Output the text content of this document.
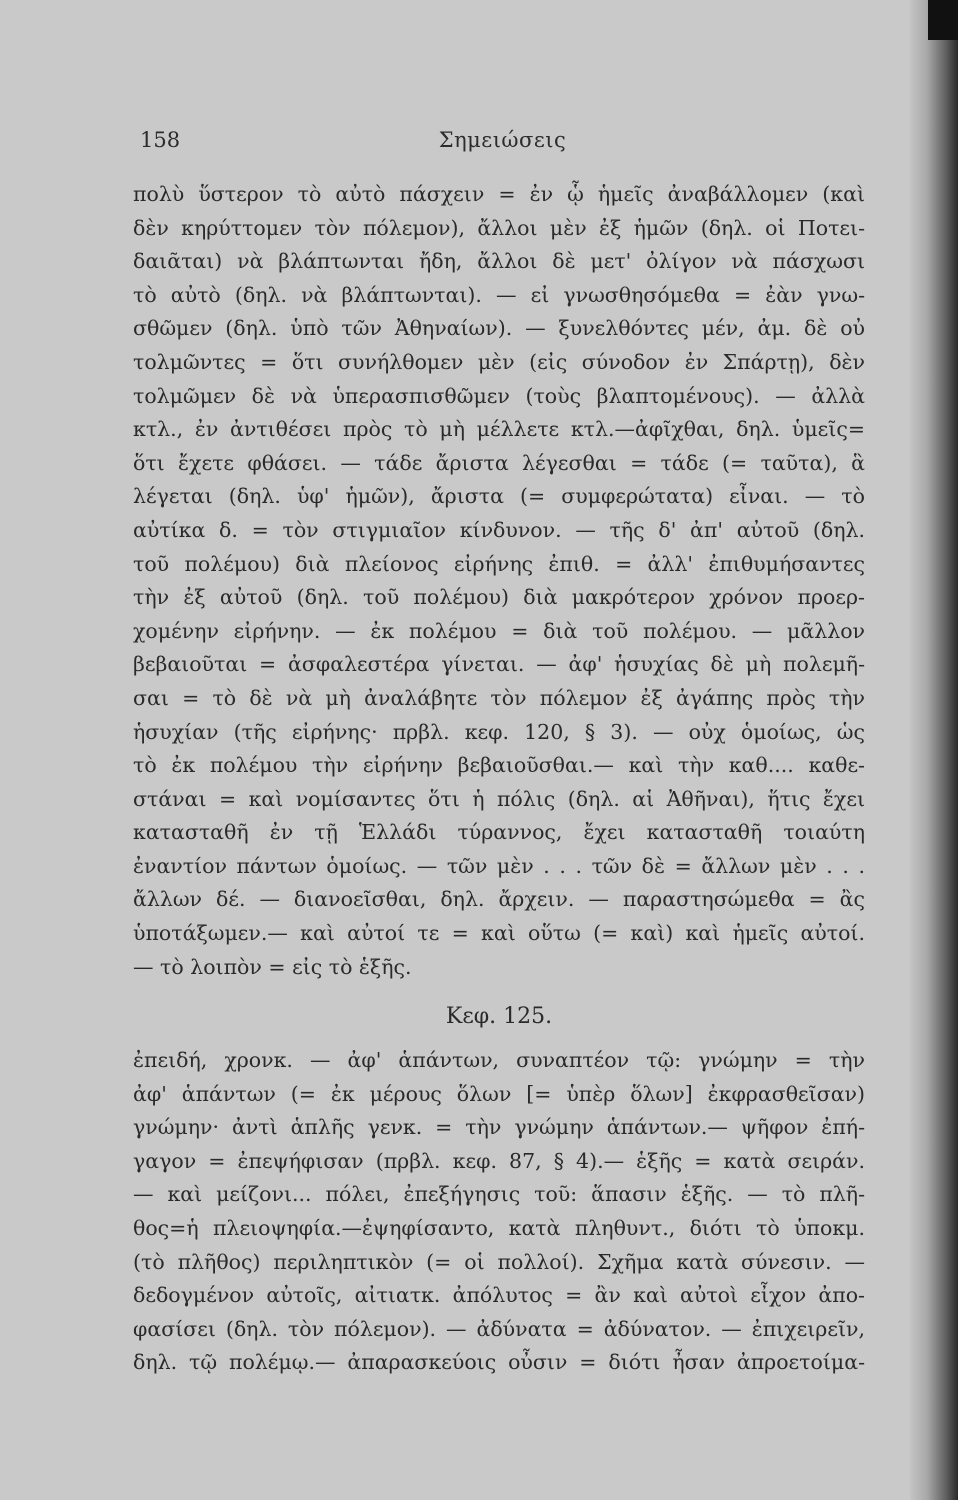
158	Σημειώσεις
πολὺ ὕστερον τὸ αὐτὸ πάσχειν = ἐν ᾧ ἡμεῖς ἀναβάλλομεν (καὶ
δὲν κηρύττομεν τὸν πόλεμον), ἄλλοι μὲν ἐξ ἡμῶν (δηλ. οἱ Ποτει-
δαιᾶται) νὰ βλάπτωνται ἤδη, ἄλλοι δὲ μετ' ὀλίγον νὰ πάσχωσι
τὸ αὐτὸ (δηλ. νὰ βλάπτωνται). — εἰ γνωσθησόμεθα = ἐὰν γνω-
σθῶμεν (δηλ. ὑπὸ τῶν Ἀθηναίων). — ξυνελθόντες μέν, ἀμ. δὲ οὐ
τολμῶντες = ὅτι συνήλθομεν μὲν (εἰς σύνοδον ἐν Σπάρτῃ), δὲν
τολμῶμεν δὲ νὰ ὑπερασπισθῶμεν (τοὺς βλαπτομένους). — ἀλλὰ
κτλ., ἐν ἀντιθέσει πρὸς τὸ μὴ μέλλετε κτλ.—ἀφῖχθαι, δηλ. ὑμεῖς=
ὅτι ἔχετε φθάσει. — τάδε ἄριστα λέγεσθαι = τάδε (= ταῦτα), ἃ
λέγεται (δηλ. ὑφ' ἡμῶν), ἄριστα (= συμφερώτατα) εἶναι. — τὸ
αὐτίκα δ. = τὸν στιγμιαῖον κίνδυνον. — τῆς δ' ἀπ' αὐτοῦ (δηλ.
τοῦ πολέμου) διὰ πλείονος εἰρήνης ἐπιθ. = ἀλλ' ἐπιθυμήσαντες
τὴν ἐξ αὐτοῦ (δηλ. τοῦ πολέμου) διὰ μακρότερον χρόνον προερ-
χομένην εἰρήνην. — ἐκ πολέμου = διὰ τοῦ πολέμου. — μᾶλλον
βεβαιοῦται = ἀσφαλεστέρα γίνεται. — ἀφ' ἡσυχίας δὲ μὴ πολεμῆ-
σαι = τὸ δὲ νὰ μὴ ἀναλάβητε τὸν πόλεμον ἐξ ἀγάπης πρὸς τὴν
ἡσυχίαν (τῆς εἰρήνης· πρβλ. κεφ. 120, § 3). — οὐχ ὁμοίως, ὡς
τὸ ἐκ πολέμου τὴν εἰρήνην βεβαιοῦσθαι.— καὶ τὴν καθ.... καθε-
στάναι = καὶ νομίσαντες ὅτι ἡ πόλις (δηλ. αἱ Ἀθῆναι), ἥτις ἔχει
κατασταθῆ ἐν τῇ Ἑλλάδι τύραννος, ἔχει κατασταθῆ τοιαύτη
ἐναντίον πάντων ὁμοίως. — τῶν μὲν . . . τῶν δὲ = ἄλλων μὲν . . .
ἄλλων δέ. — διανοεῖσθαι, δηλ. ἄρχειν. — παραστησώμεθα = ἂς
ὑποτάξωμεν.— καὶ αὐτοί τε = καὶ οὕτω (= καὶ) καὶ ἡμεῖς αὐτοί.
— τὸ λοιπὸν = εἰς τὸ ἑξῆς.
Κεφ. 125.
ἐπειδή, χρονκ. — ἀφ' ἁπάντων, συναπτέον τῷ: γνώμην = τὴν
ἀφ' ἁπάντων (= ἐκ μέρους ὅλων [= ὑπὲρ ὅλων] ἐκφρασθεῖσαν)
γνώμην· ἀντὶ ἁπλῆς γενκ. = τὴν γνώμην ἁπάντων.— ψῆφον ἐπή-
γαγον = ἐπεψήφισαν (πρβλ. κεφ. 87, § 4).— ἑξῆς = κατὰ σειράν.
— καὶ μείζονι... πόλει, ἐπεξήγησις τοῦ: ἅπασιν ἑξῆς. — τὸ πλῆ-
θος=ἡ πλειοψηφία.—ἐψηφίσαντο, κατὰ πληθυντ., διότι τὸ ὑποκμ.
(τὸ πλῆθος) περιληπτικὸν (= οἱ πολλοί). Σχῆμα κατὰ σύνεσιν. —
δεδογμένον αὐτοῖς, αἰτιατκ. ἀπόλυτος = ἂν καὶ αὐτοὶ εἶχον ἀπο-
φασίσει (δηλ. τὸν πόλεμον). — ἀδύνατα = ἀδύνατον. — ἐπιχειρεῖν,
δηλ. τῷ πολέμῳ.— ἀπαρασκεύοις οὖσιν = διότι ἦσαν ἀπροετοίμα-
